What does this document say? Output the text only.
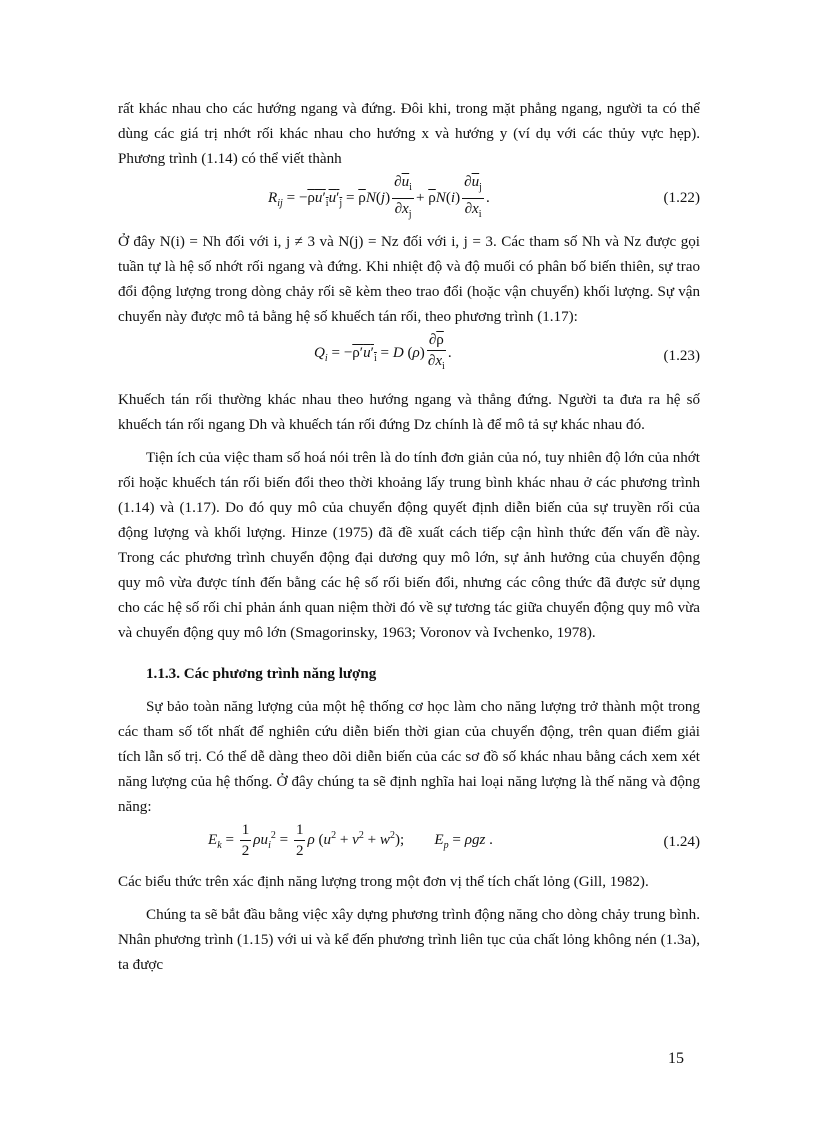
rất khác nhau cho các hướng ngang và đứng. Đôi khi, trong mặt phẳng ngang, người ta có thể dùng các giá trị nhớt rối khác nhau cho hướng x và hướng y (ví dụ với các thủy vực hẹp). Phương trình (1.14) có thể viết thành

$R_{ij} = -\rho u'_iu'_j = \overline{\rho}N(j) \frac{\partial\overline{u}_i}{\partial x_j} + \overline{\rho}N(i) \frac{\partial\overline{u}_j}{\partial x_i}$ .	(1.22)

Ở đây N(i) = Nh đối với i, j ≠ 3 và N(j) = Nz đối với i, j = 3. Các tham số Nh và Nz được gọi tuần tự là hệ số nhớt rối ngang và đứng. Khi nhiệt độ và độ muối có phân bố biến thiên, sự trao đổi động lượng trong dòng chảy rối sẽ kèm theo trao đổi (hoặc vận chuyển) khối lượng. Sự vận chuyển này được mô tả bằng hệ số khuếch tán rối, theo phương trình (1.17):

$Q_i = -\rho'u'_i = D$ $(\rho) \frac{\partial\overline{\rho}}{\partial x_i}$ .	(1.23)

Khuếch tán rối thường khác nhau theo hướng ngang và thẳng đứng. Người ta đưa ra hệ số khuếch tán rối ngang Dh và khuếch tán rối đứng Dz chính là để mô tả sự khác nhau đó.

Tiện ích của việc tham số hoá nói trên là do tính đơn giản của nó, tuy nhiên độ lớn của nhớt rối hoặc khuếch tán rối biến đổi theo thời khoảng lấy trung bình khác nhau ở các phương trình (1.14) và (1.17). Do đó quy mô của chuyển động quyết định diễn biến của sự truyền rối của động lượng và khối lượng. Hinze (1975) đã đề xuất cách tiếp cận hình thức đến vấn đề này. Trong các phương trình chuyển động đại dương quy mô lớn, sự ảnh hưởng của chuyển động quy mô vừa được tính đến bằng các hệ số rối biến đổi, nhưng các công thức đã được sử dụng cho các hệ số rối chỉ phản ánh quan niệm thời đó về sự tương tác giữa chuyển động quy mô vừa và chuyển động quy mô lớn (Smagorinsky, 1963; Voronov và Ivchenko, 1978).

1.1.3. Các phương trình năng lượng

Sự bảo toàn năng lượng của một hệ thống cơ học làm cho năng lượng trở thành một trong các tham số tốt nhất để nghiên cứu diễn biến thời gian của chuyển động, trên quan điểm giải tích lẫn số trị. Có thể dễ dàng theo dõi diễn biến của các sơ đồ số khác nhau bằng cách xem xét năng lượng của hệ thống. Ở đây chúng ta sẽ định nghĩa hai loại năng lượng là thế năng và động năng:

$E_k = \frac{1}{2} \rho u_i^2 = \frac{1}{2}$ ρ $(u^2 + v^2 + w^2)$;        $E_p = \rho gz$ .	(1.24)

Các biểu thức trên xác định năng lượng trong một đơn vị thể tích chất lỏng (Gill, 1982).

Chúng ta sẽ bắt đầu bằng việc xây dựng phương trình động năng cho dòng chảy trung bình. Nhân phương trình (1.15) với ui và kể đến phương trình liên tục của chất lỏng không nén (1.3a), ta được

15
